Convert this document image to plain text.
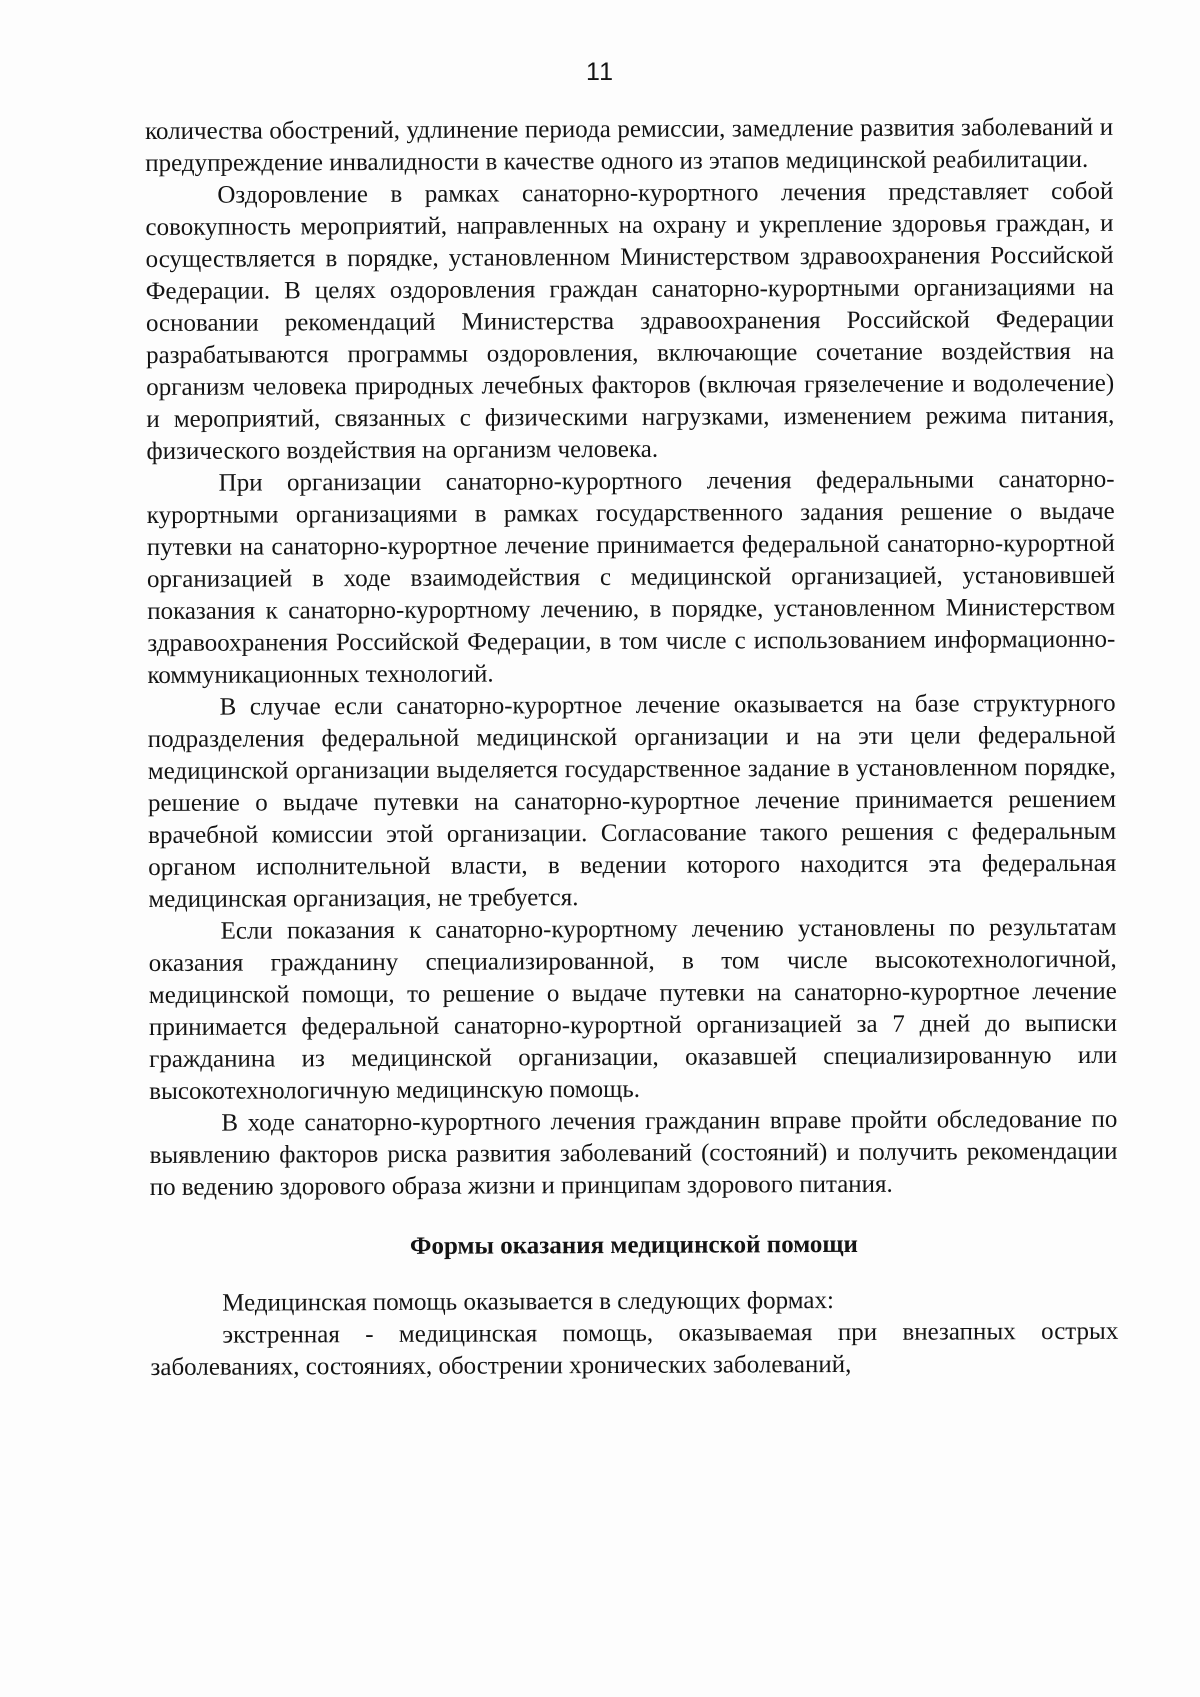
11

количества обострений, удлинение периода ремиссии, замедление развития заболеваний и предупреждение инвалидности в качестве одного из этапов медицинской реабилитации.

Оздоровление в рамках санаторно-курортного лечения представляет собой совокупность мероприятий, направленных на охрану и укрепление здоровья граждан, и осуществляется в порядке, установленном Министерством здравоохранения Российской Федерации. В целях оздоровления граждан санаторно-курортными организациями на основании рекомендаций Министерства здравоохранения Российской Федерации разрабатываются программы оздоровления, включающие сочетание воздействия на организм человека природных лечебных факторов (включая грязелечение и водолечение) и мероприятий, связанных с физическими нагрузками, изменением режима питания, физического воздействия на организм человека.

При организации санаторно-курортного лечения федеральными санаторно-курортными организациями в рамках государственного задания решение о выдаче путевки на санаторно-курортное лечение принимается федеральной санаторно-курортной организацией в ходе взаимодействия с медицинской организацией, установившей показания к санаторно-курортному лечению, в порядке, установленном Министерством здравоохранения Российской Федерации, в том числе с использованием информационно-коммуникационных технологий.

В случае если санаторно-курортное лечение оказывается на базе структурного подразделения федеральной медицинской организации и на эти цели федеральной медицинской организации выделяется государственное задание в установленном порядке, решение о выдаче путевки на санаторно-курортное лечение принимается решением врачебной комиссии этой организации. Согласование такого решения с федеральным органом исполнительной власти, в ведении которого находится эта федеральная медицинская организация, не требуется.

Если показания к санаторно-курортному лечению установлены по результатам оказания гражданину специализированной, в том числе высокотехнологичной, медицинской помощи, то решение о выдаче путевки на санаторно-курортное лечение принимается федеральной санаторно-курортной организацией за 7 дней до выписки гражданина из медицинской организации, оказавшей специализированную или высокотехнологичную медицинскую помощь.

В ходе санаторно-курортного лечения гражданин вправе пройти обследование по выявлению факторов риска развития заболеваний (состояний) и получить рекомендации по ведению здорового образа жизни и принципам здорового питания.

Формы оказания медицинской помощи

Медицинская помощь оказывается в следующих формах:

экстренная - медицинская помощь, оказываемая при внезапных острых заболеваниях, состояниях, обострении хронических заболеваний,
